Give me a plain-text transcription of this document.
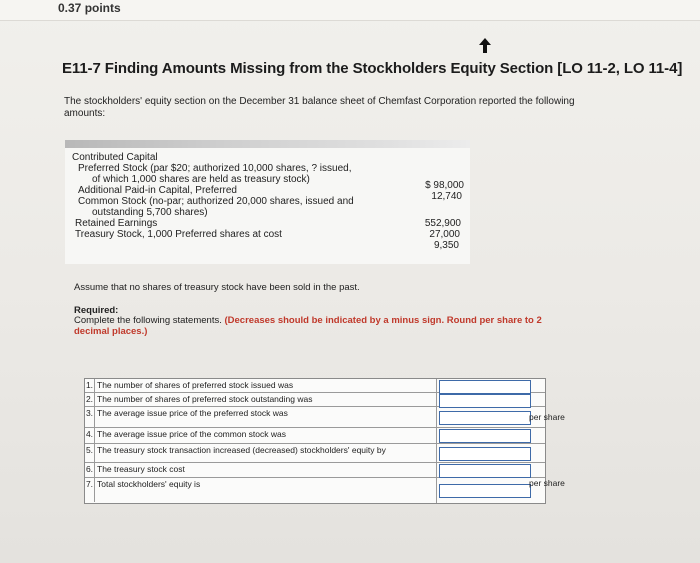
0.37 points
E11-7 Finding Amounts Missing from the Stockholders Equity Section [LO 11-2, LO 11-4]
The stockholders' equity section on the December 31 balance sheet of Chemfast Corporation reported the following amounts:
Contributed Capital
Preferred Stock (par $20; authorized 10,000 shares, ? issued,
of which 1,000 shares are held as treasury stock)
Additional Paid-in Capital, Preferred
Common Stock (no-par; authorized 20,000 shares, issued and
outstanding 5,700 shares)
Retained Earnings
Treasury Stock, 1,000 Preferred shares at cost
$ 98,000
12,740
552,900
27,000
9,350
Assume that no shares of treasury stock have been sold in the past.
Required:
Complete the following statements. (Decreases should be indicated by a minus sign. Round per share to 2 decimal places.)
1. The number of shares of preferred stock issued was
2. The number of shares of preferred stock outstanding was
3. The average issue price of the preferred stock was	per share
4. The average issue price of the common stock was
5. The treasury stock transaction increased (decreased) stockholders' equity by
6. The treasury stock cost
7. Total stockholders' equity is	per share
